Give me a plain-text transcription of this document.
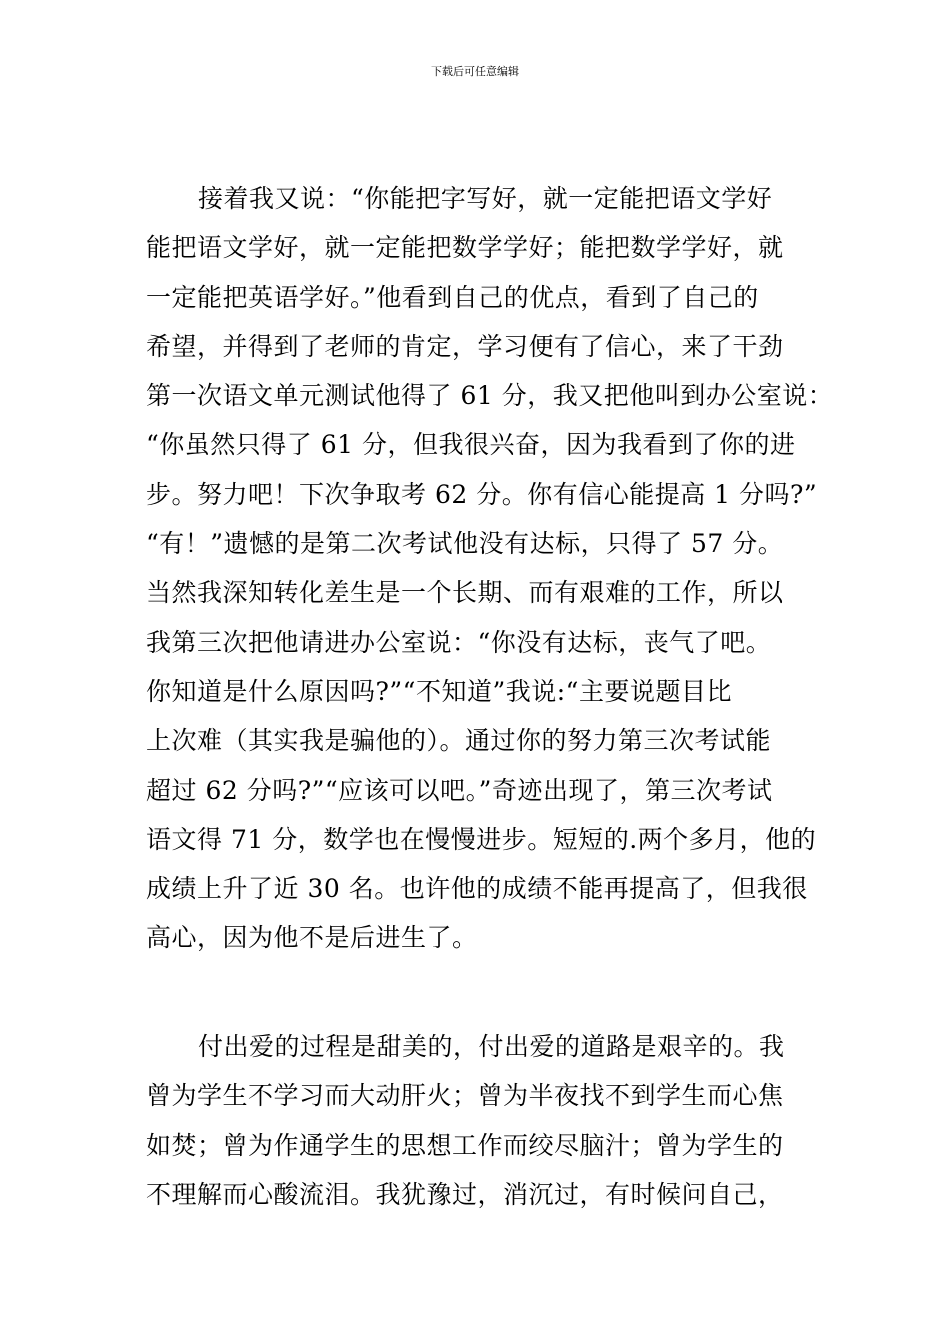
下载后可任意编辑
接着我又说：“你能把字写好，就一定能把语文学好
能把语文学好，就一定能把数学学好；能把数学学好，就
一定能把英语学好。”他看到自己的优点，看到了自己的
希望，并得到了老师的肯定，学习便有了信心，来了干劲
第一次语文单元测试他得了 61 分，我又把他叫到办公室说：
“你虽然只得了 61 分，但我很兴奋，因为我看到了你的进
步。努力吧！下次争取考 62 分。你有信心能提高 1 分吗?”
“有！”遗憾的是第二次考试他没有达标，只得了 57 分。
当然我深知转化差生是一个长期、而有艰难的工作，所以
我第三次把他请进办公室说：“你没有达标，丧气了吧。
你知道是什么原因吗?”“不知道”我说:“主要说题目比
上次难（其实我是骗他的）。通过你的努力第三次考试能
超过 62 分吗?”“应该可以吧。”奇迹出现了，第三次考试
语文得 71 分，数学也在慢慢进步。短短的.两个多月，他的
成绩上升了近 30 名。也许他的成绩不能再提高了，但我很
高心，因为他不是后进生了。
付出爱的过程是甜美的，付出爱的道路是艰辛的。我
曾为学生不学习而大动肝火；曾为半夜找不到学生而心焦
如焚；曾为作通学生的思想工作而绞尽脑汁；曾为学生的
不理解而心酸流泪。我犹豫过，消沉过，有时候问自己，
